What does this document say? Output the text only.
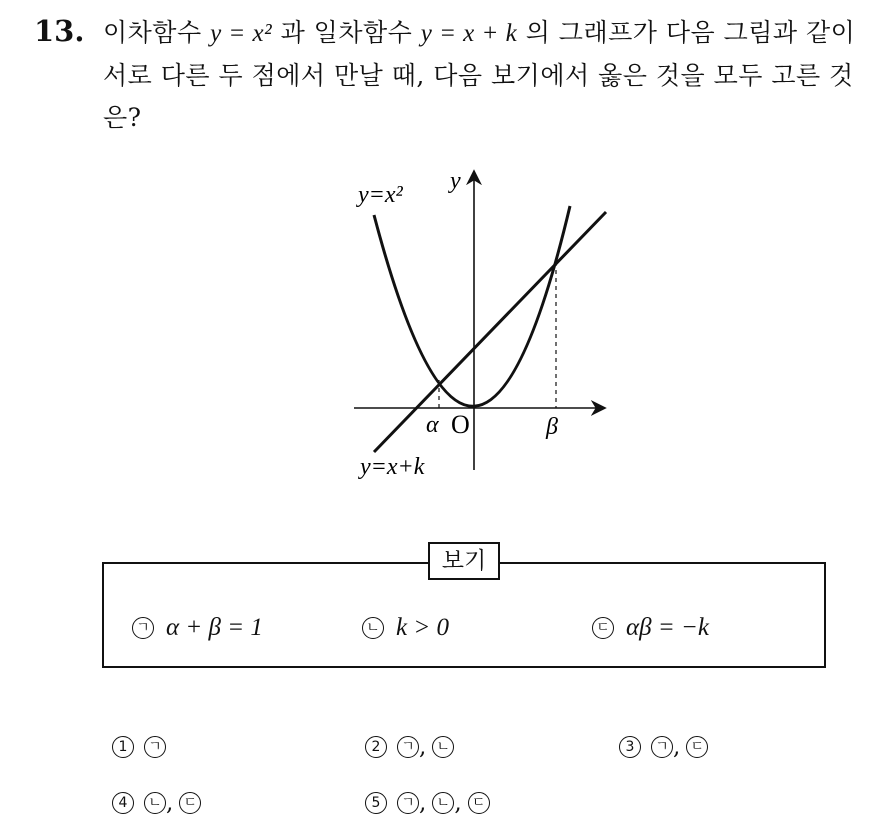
13. 이차함수 y = x² 과 일차함수 y = x + k 의 그래프가 다음 그림과 같이 서로 다른 두 점에서 만날 때, 다음 보기에서 옳은 것을 모두 고른 것은?
y=x²
y
α O	β
y=x+k
보기
ㄱ α + β = 1	ㄴ k > 0	ㄷ αβ = −k
1 ㄱ	2 ㄱ , ㄴ	3 ㄱ , ㄷ
4 ㄴ , ㄷ	5 ㄱ , ㄴ , ㄷ
